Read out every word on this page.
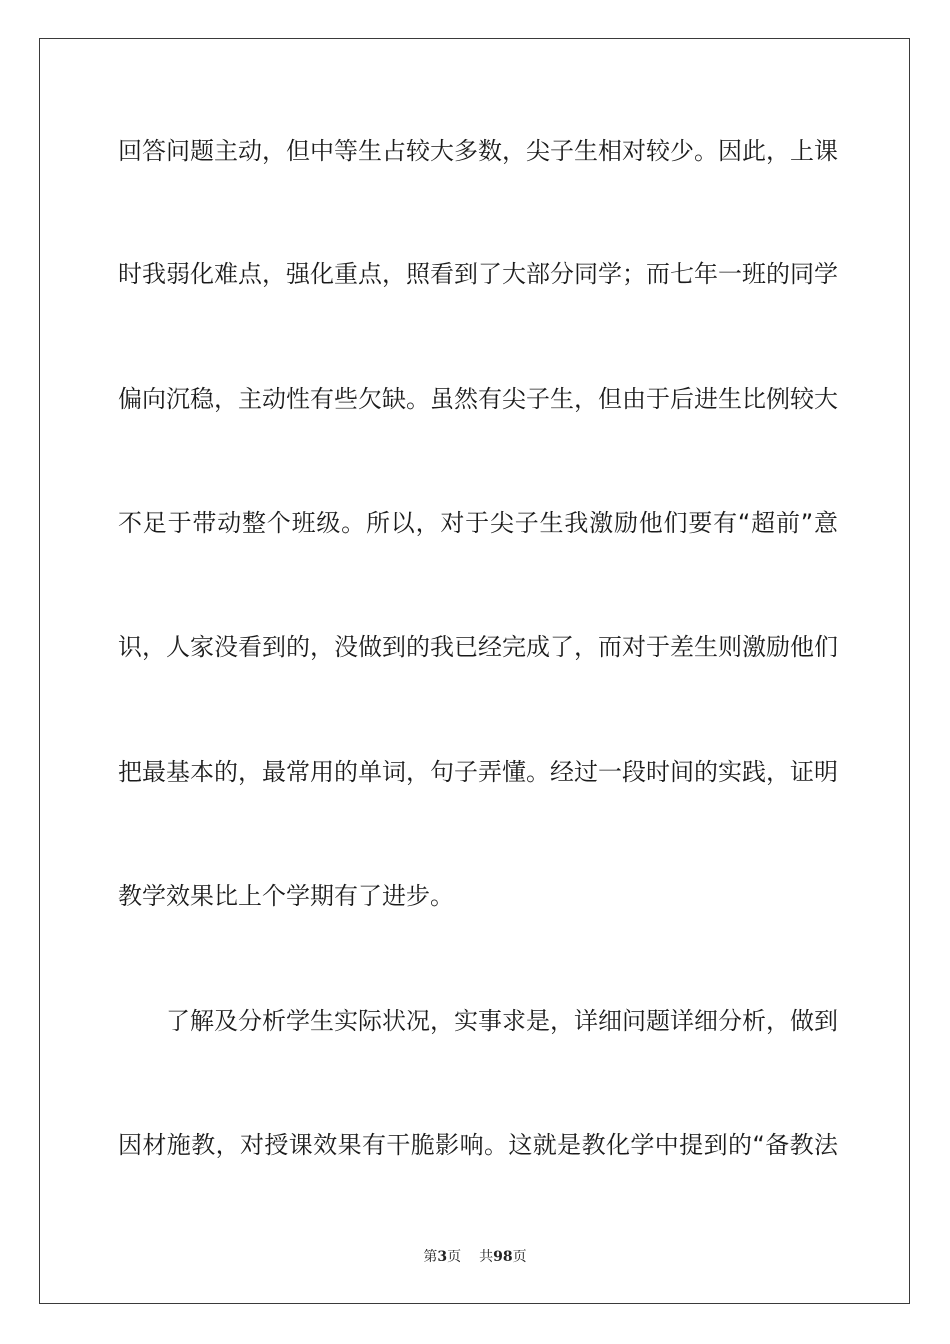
回答问题主动，但中等生占较大多数，尖子生相对较少。因此，上课
时我弱化难点，强化重点，照看到了大部分同学；而七年一班的同学
偏向沉稳，主动性有些欠缺。虽然有尖子生，但由于后进生比例较大
不足于带动整个班级。所以，对于尖子生我激励他们要有“超前”意
识，人家没看到的，没做到的我已经完成了，而对于差生则激励他们
把最基本的，最常用的单词，句子弄懂。经过一段时间的实践，证明
教学效果比上个学期有了进步。
了解及分析学生实际状况，实事求是，详细问题详细分析，做到
因材施教，对授课效果有干脆影响。这就是教化学中提到的“备教法
第3页 共98页
